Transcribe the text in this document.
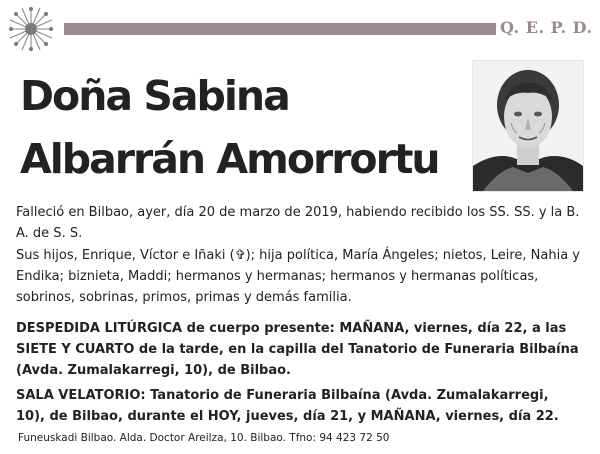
Q. E. P. D.
Doña Sabina
Albarrán Amorrortu
Falleció en Bilbao, ayer, día 20 de marzo de 2019, habiendo recibido los SS. SS. y la B. A. de S. S.
Sus hijos, Enrique, Víctor e Iñaki (✞); hija política, María Ángeles; nietos, Leire, Nahia y Endika; biznieta, Maddi; hermanos y hermanas; hermanos y hermanas políticas, sobrinos, sobrinas, primos, primas y demás familia.
DESPEDIDA LITÚRGICA de cuerpo presente: MAÑANA, viernes, día 22, a las SIETE Y CUARTO de la tarde, en la capilla del Tanatorio de Funeraria Bilbaína (Avda. Zumalakarregi, 10), de Bilbao.
SALA VELATORIO: Tanatorio de Funeraria Bilbaína (Avda. Zumalakarregi, 10), de Bilbao, durante el HOY, jueves, día 21, y MAÑANA, viernes, día 22.
Funeuskadi Bilbao. Alda. Doctor Areilza, 10. Bilbao. Tfno: 94 423 72 50
